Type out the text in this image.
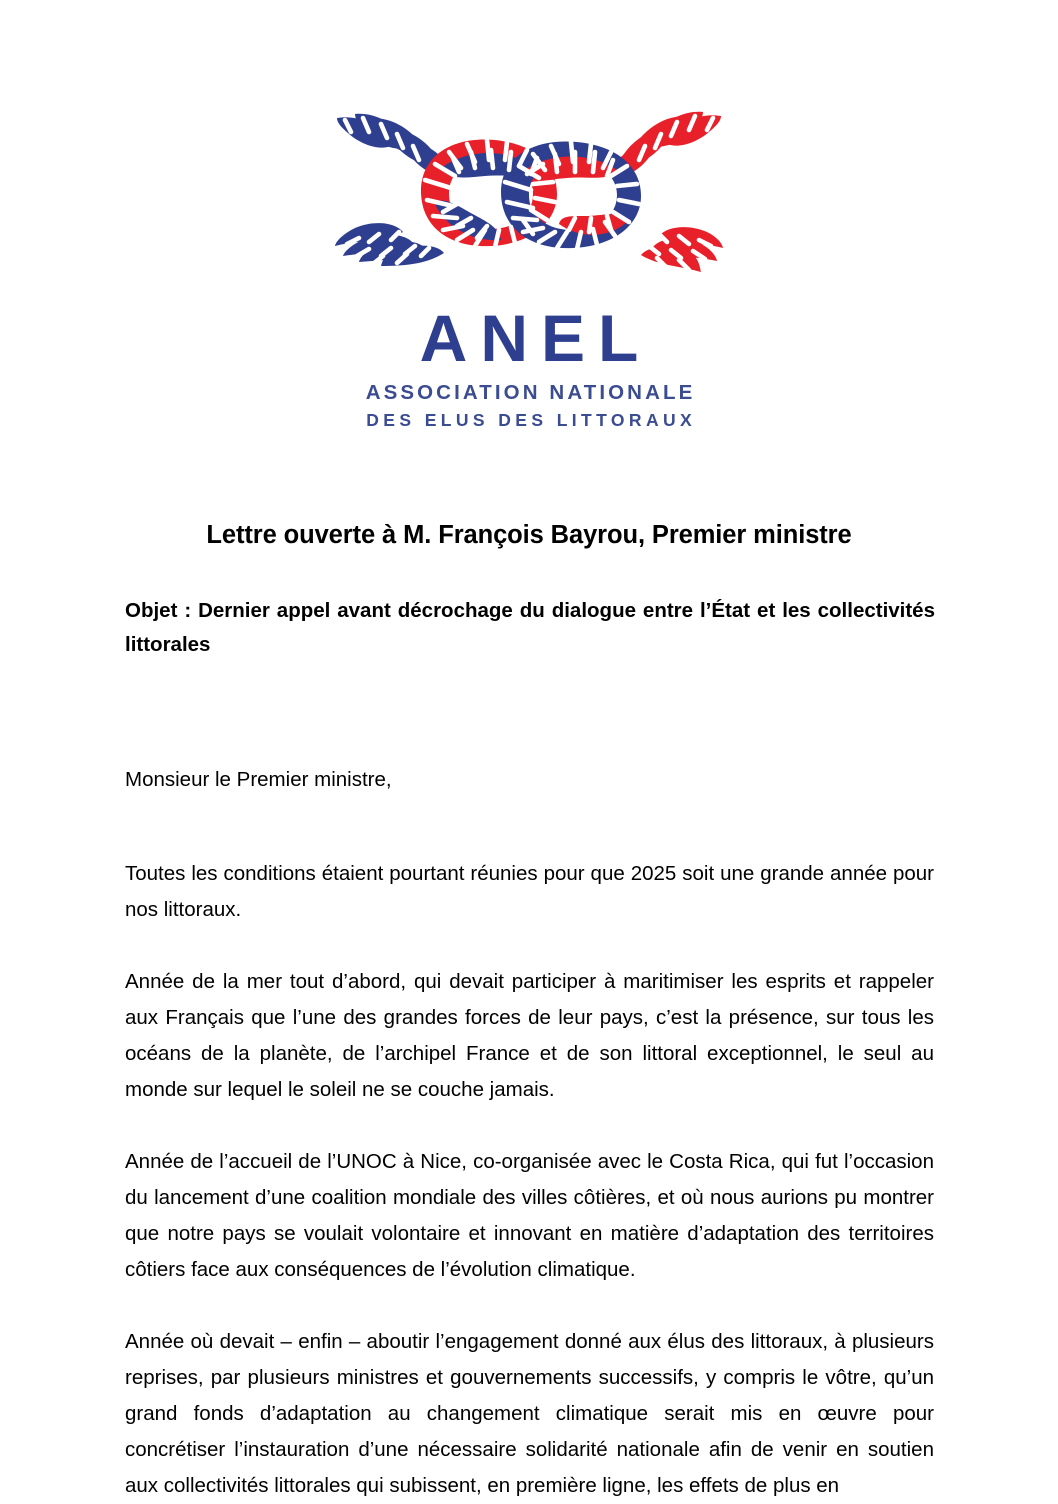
ANEL
ASSOCIATION NATIONALE
DES ELUS DES LITTORAUX
Lettre ouverte à M. François Bayrou, Premier ministre
Objet : Dernier appel avant décrochage du dialogue entre l’État et les collectivités littorales

Monsieur le Premier ministre,

Toutes les conditions étaient pourtant réunies pour que 2025 soit une grande année pour nos littoraux.

Année de la mer tout d’abord, qui devait participer à maritimiser les esprits et rappeler aux Français que l’une des grandes forces de leur pays, c’est la présence, sur tous les océans de la planète, de l’archipel France et de son littoral exceptionnel, le seul au monde sur lequel le soleil ne se couche jamais.

Année de l’accueil de l’UNOC à Nice, co-organisée avec le Costa Rica, qui fut l’occasion du lancement d’une coalition mondiale des villes côtières, et où nous aurions pu montrer que notre pays se voulait volontaire et innovant en matière d’adaptation des territoires côtiers face aux conséquences de l’évolution climatique.

Année où devait – enfin – aboutir l’engagement donné aux élus des littoraux, à plusieurs reprises, par plusieurs ministres et gouvernements successifs, y compris le vôtre, qu’un grand fonds d’adaptation au changement climatique serait mis en œuvre pour concrétiser l’instauration d’une nécessaire solidarité nationale afin de venir en soutien aux collectivités littorales qui subissent, en première ligne, les effets de plus en
